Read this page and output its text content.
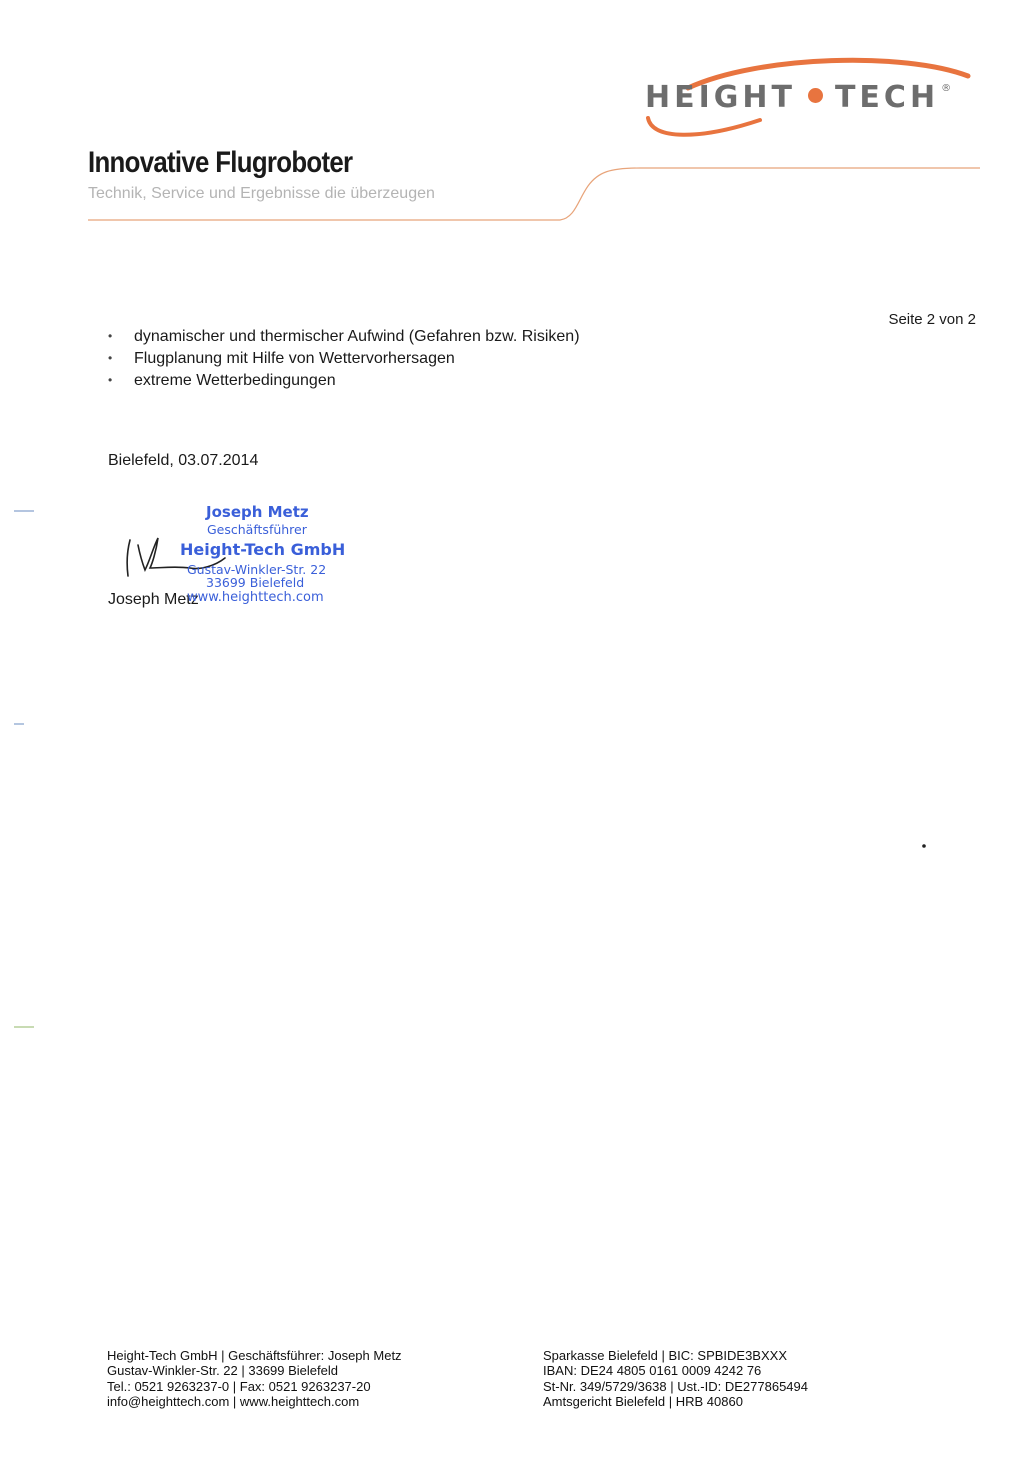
HEIGHT TECH ®
Innovative Flugroboter
Technik, Service und Ergebnisse die überzeugen
Seite 2 von 2
• dynamischer und thermischer Aufwind (Gefahren bzw. Risiken)
• Flugplanung mit Hilfe von Wettervorhersagen
• extreme Wetterbedingungen
Bielefeld, 03.07.2014
Joseph Metz
Joseph Metz
Geschäftsführer
Height-Tech GmbH
Gustav-Winkler-Str. 22
33699 Bielefeld
www.heighttech.com
Height-Tech GmbH | Geschäftsführer: Joseph Metz
Gustav-Winkler-Str. 22 | 33699 Bielefeld
Tel.: 0521 9263237-0 | Fax: 0521 9263237-20
info@heighttech.com | www.heighttech.com
Sparkasse Bielefeld | BIC: SPBIDE3BXXX
IBAN: DE24 4805 0161 0009 4242 76
St-Nr. 349/5729/3638 | Ust.-ID: DE277865494
Amtsgericht Bielefeld | HRB 40860
